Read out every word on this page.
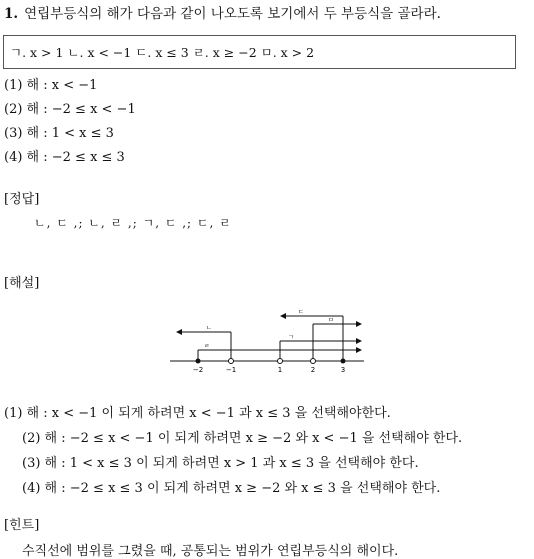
1. 연립부등식의 해가 다음과 같이 나오도록 보기에서 두 부등식을 골라라.
ㄱ. x > 1 ㄴ. x < −1 ㄷ. x ≤ 3 ㄹ. x ≥ −2 ㅁ. x > 2
(1) 해 : x < −1
(2) 해 : −2 ≤ x < −1
(3) 해 : 1 < x ≤ 3
(4) 해 : −2 ≤ x ≤ 3
[정답]
ㄴ, ㄷ ,; ㄴ, ㄹ ,; ㄱ, ㄷ ,; ㄷ, ㄹ
[해설]
−2	−1	1	2	3
ㄴ
ㄹ
ㄱ
ㄷ
ㅁ
(1) 해 : x < −1 이 되게 하려면 x < −1 과 x ≤ 3 을 선택해야한다.
(2) 해 : −2 ≤ x < −1 이 되게 하려면 x ≥ −2 와 x < −1 을 선택해야 한다.
(3) 해 : 1 < x ≤ 3 이 되게 하려면 x > 1 과 x ≤ 3 을 선택해야 한다.
(4) 해 : −2 ≤ x ≤ 3 이 되게 하려면 x ≥ −2 와 x ≤ 3 을 선택해야 한다.
[힌트]
수직선에 범위를 그렸을 때, 공통되는 범위가 연립부등식의 해이다.
